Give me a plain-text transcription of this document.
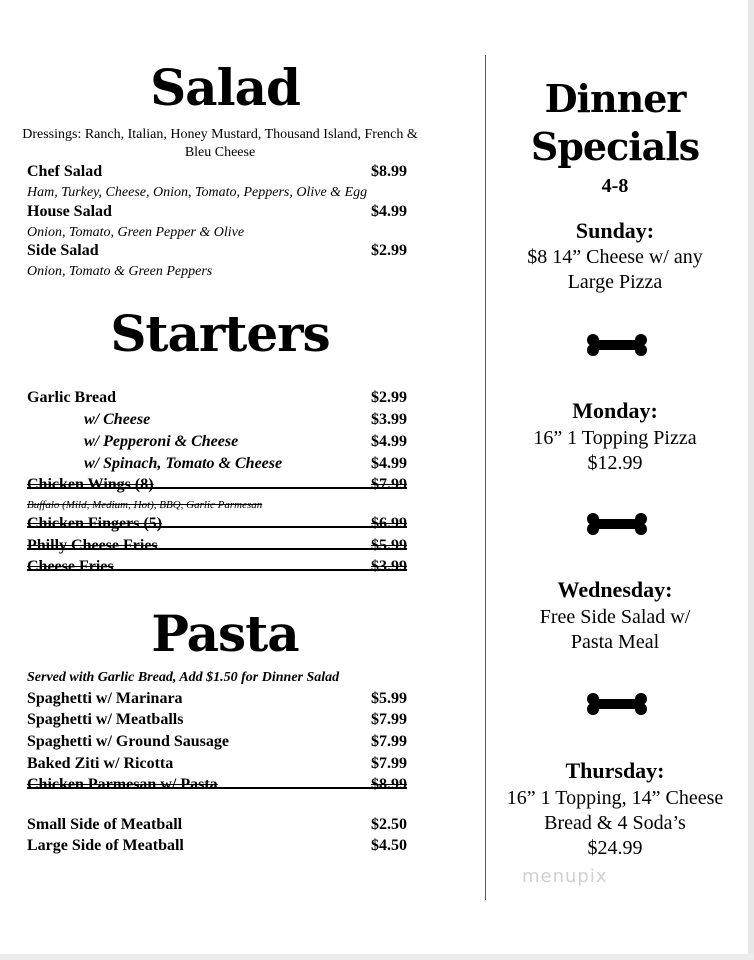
Salad
Dressings: Ranch, Italian, Honey Mustard, Thousand Island, French & Bleu Cheese
Chef Salad	$8.99
Ham, Turkey, Cheese, Onion, Tomato, Peppers, Olive & Egg
House Salad	$4.99
Onion, Tomato, Green Pepper & Olive
Side Salad	$2.99
Onion, Tomato & Green Peppers
Starters
Garlic Bread	$2.99
w/ Cheese	$3.99
w/ Pepperoni & Cheese	$4.99
w/ Spinach, Tomato & Cheese	$4.99
Chicken Wings (8)	$7.99
Buffalo (Mild, Medium, Hot), BBQ, Garlic Parmesan
Chicken Fingers (5)	$6.99
Philly Cheese Fries	$5.99
Cheese Fries	$3.99
Pasta
Served with Garlic Bread, Add $1.50 for Dinner Salad
Spaghetti w/ Marinara	$5.99
Spaghetti w/ Meatballs	$7.99
Spaghetti w/ Ground Sausage	$7.99
Baked Ziti w/ Ricotta	$7.99
Chicken Parmesan w/ Pasta	$8.99
Small Side of Meatball	$2.50
Large Side of Meatball	$4.50
Dinner
Specials
4-8
Sunday:
$8 14” Cheese w/ any
Large Pizza
Monday:
16” 1 Topping Pizza
$12.99
Wednesday:
Free Side Salad w/
Pasta Meal
Thursday:
16” 1 Topping, 14” Cheese
Bread & 4 Soda’s
$24.99
menupix
